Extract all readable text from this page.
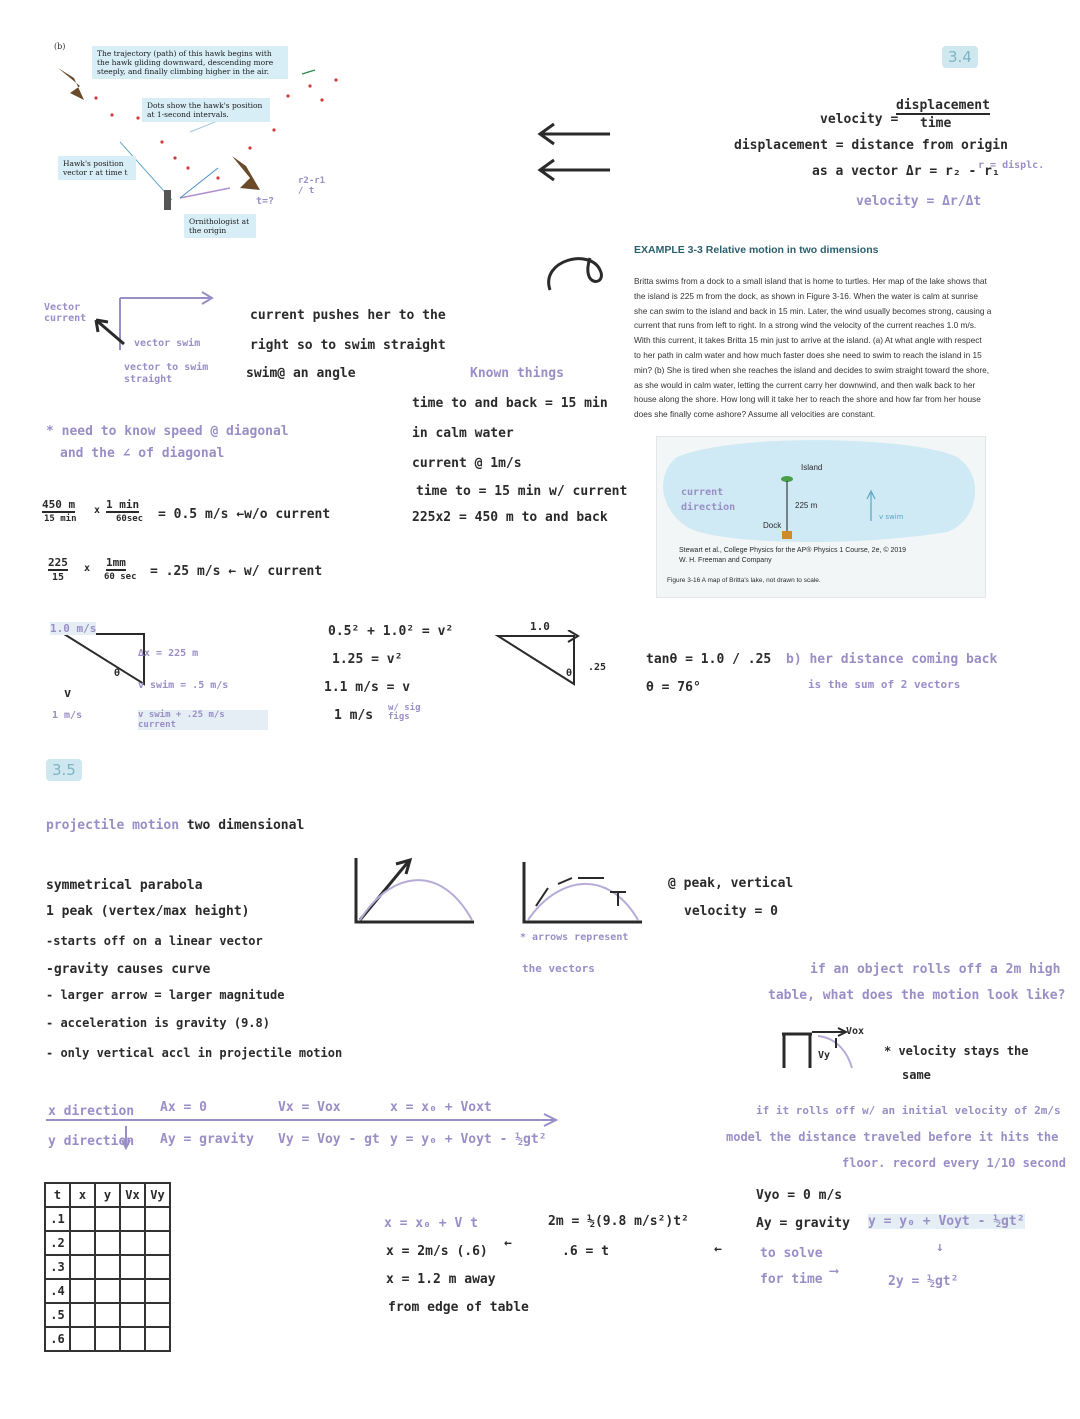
The trajectory (path) of this hawk begins with the hawk gliding downward, descending more steeply, and finally climbing higher in the air.
Dots show the hawk's position at 1-second intervals.
Hawk's position vector r at time t
Ornithologist at the origin
(b)
t=?
r2-r1 / t
3.4
3.5
velocity =
displacement
time
displacement = distance from origin
as a vector Δr = r₂ - r₁
r = displc.
velocity = Δr/Δt
EXAMPLE 3-3 Relative motion in two dimensions
Britta swims from a dock to a small island that is home to turtles. Her map of the lake shows that
the island is 225 m from the dock, as shown in Figure 3-16. When the water is calm at sunrise
she can swim to the island and back in 15 min. Later, the wind usually becomes strong, causing a
current that runs from left to right. In a strong wind the velocity of the current reaches 1.0 m/s.
With this current, it takes Britta 15 min just to arrive at the island. (a) At what angle with respect
to her path in calm water and how much faster does she need to swim to reach the island in 15
min? (b) She is tired when she reaches the island and decides to swim straight toward the shore,
as she would in calm water, letting the current carry her downwind, and then walk back to her
house along the shore. How long will it take her to reach the shore and how far from her house
does she finally come ashore? Assume all velocities are constant.
Island
225 m
Dock
current direction
v swim
Stewart et al., College Physics for the AP® Physics 1 Course, 2e, © 2019
W. H. Freeman and Company
Figure 3-16 A map of Britta's lake, not drawn to scale.
Vector current
vector swim
vector to swim straight
current pushes her to the
right so to swim straight
swim@ an angle
* need to know speed @ diagonal
and the ∠ of diagonal
Known things
time to and back = 15 min
in calm water
current @ 1m/s
time to = 15 min w/ current
225x2 = 450 m to and back
450 m
15 min
x 1 min
60sec = 0.5 m/s ←w/o current
225
15
x 1mm
60 sec = .25 m/s ← w/ current
1.0 m/s
Δx = 225 m
v swim = .5 m/s
v swim + .25 m/s current
θ
v
1 m/s
0.5² + 1.0² = v²
1.25 = v²
1.1 m/s = v
1 m/s w/ sig figs
1.0
.25
θ
tanθ = 1.0 / .25
θ = 76°
b) her distance coming back
is the sum of 2 vectors
projectile motion two dimensional
symmetrical parabola
1 peak (vertex/max height)
-starts off on a linear vector
-gravity causes curve
- larger arrow = larger magnitude
- acceleration is gravity (9.8)
- only vertical accl in projectile motion
* arrows represent
the vectors
@ peak, vertical
velocity = 0
if an object rolls off a 2m high
table, what does the motion look like?
Vox
Vy	* velocity stays the
same
if it rolls off w/ an initial velocity of 2m/s
model the distance traveled before it hits the
floor. record every 1/10 second
x direction
y direction
Ax = 0
Ay = gravity
Vx = Vox
Vy = Voy - gt
x = x₀ + Voxt
y = y₀ + Voyt - ½gt²
t	x	y	Vx	Vy
.1				
.2				
.3				
.4				
.5				
.6				
x = x₀ + V t
x = 2m/s (.6)
x = 1.2 m away
from edge of table
←
2m = ½(9.8 m/s²)t²
.6 = t	←
Vyo = 0 m/s
Ay = gravity
to solve
for time
⟶
y = y₀ + Voyt - ½gt²
↓
2y = ½gt²
